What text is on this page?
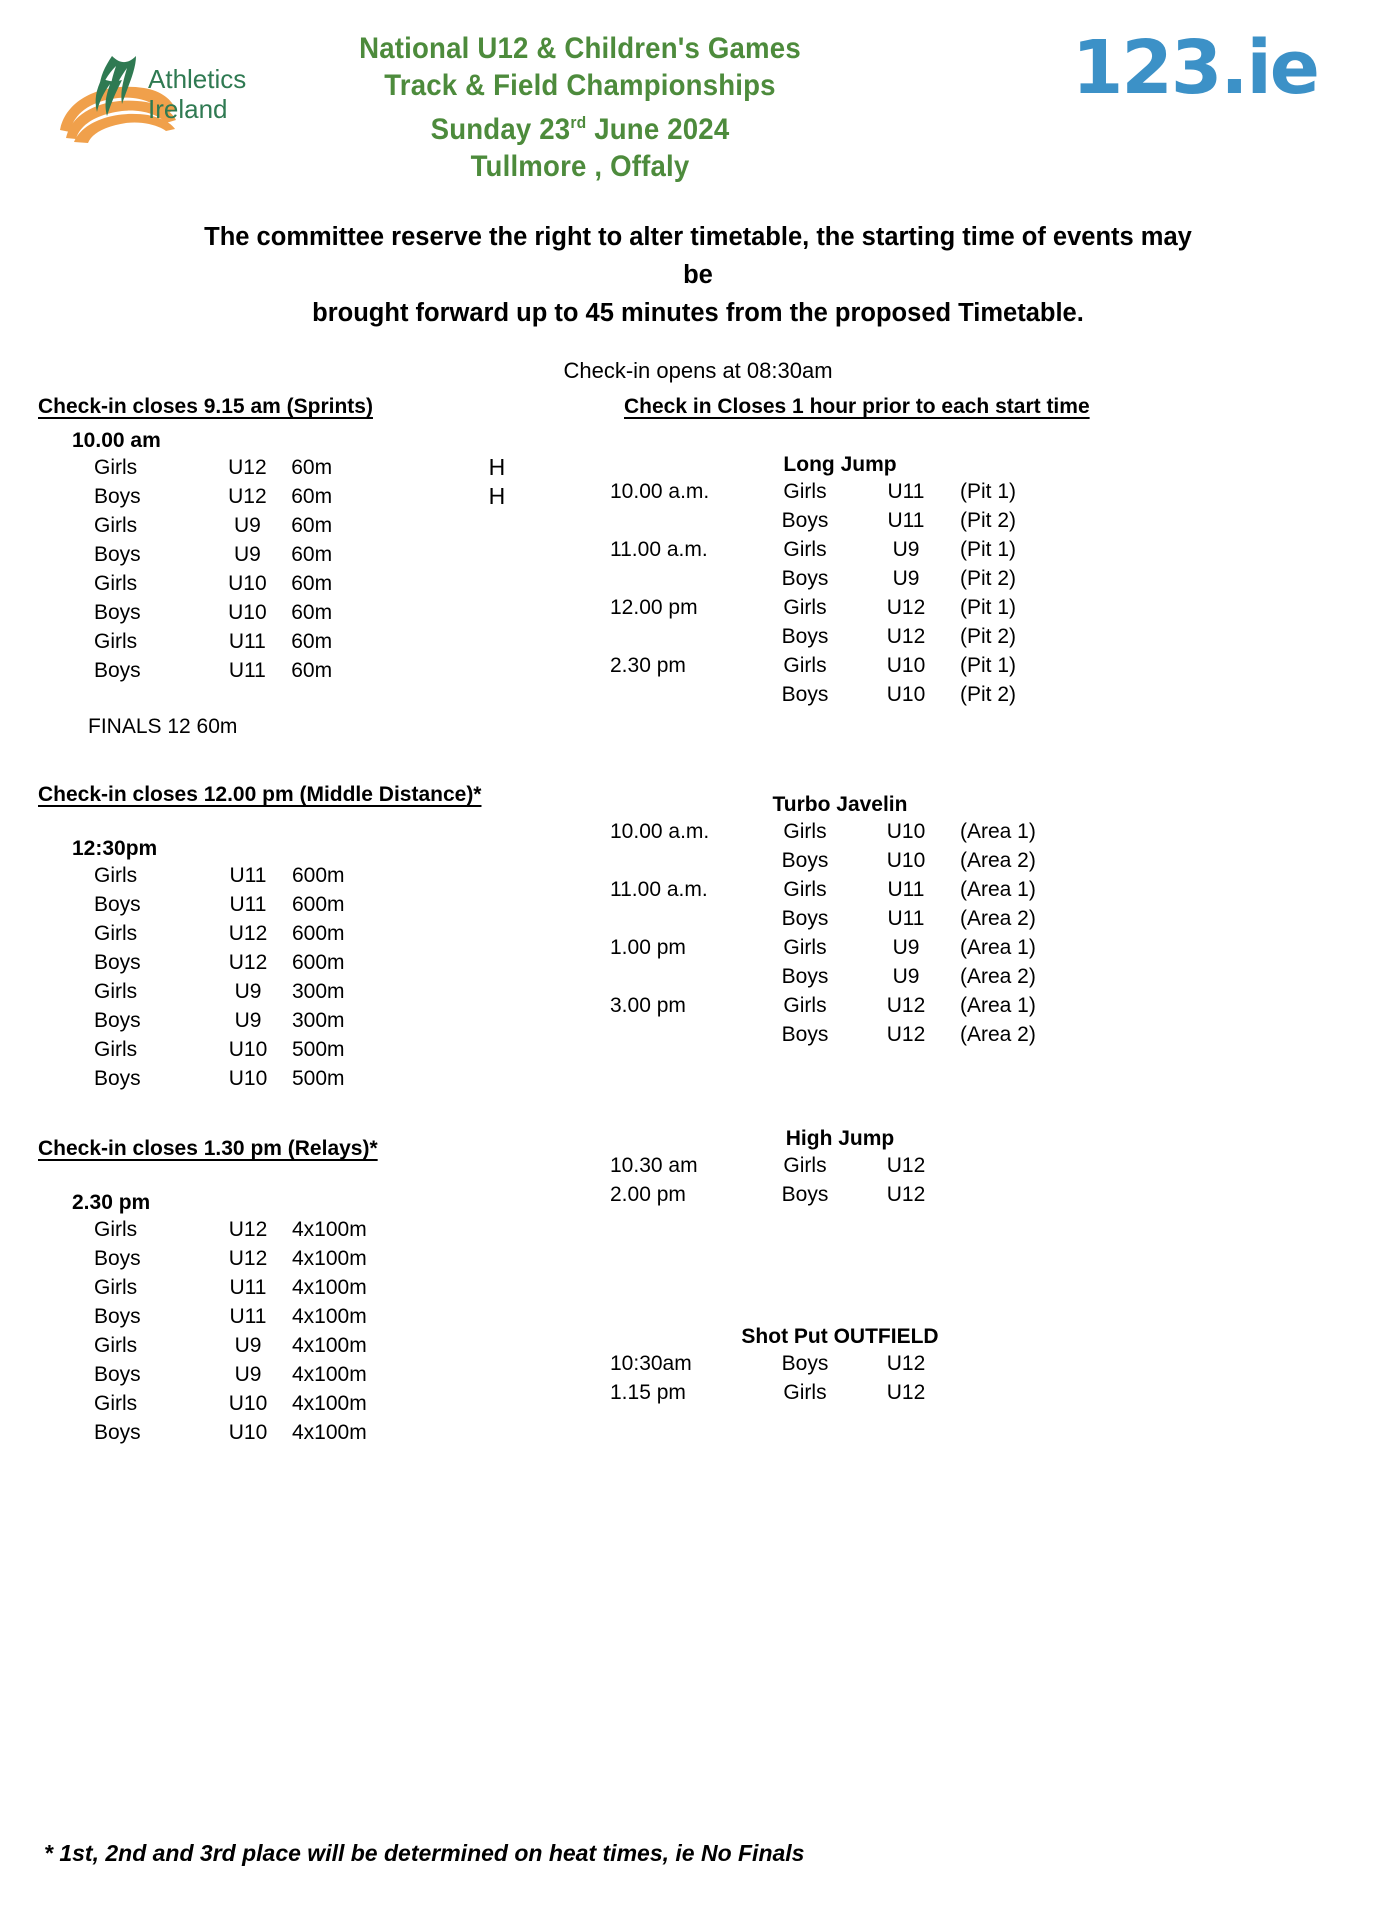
Athletics
Ireland
National U12 & Children's Games
Track & Field Championships
Sunday 23rd June 2024
Tullmore , Offaly
123.ie
The committee reserve the right to alter timetable, the starting time of events may be
brought forward up to 45 minutes from the proposed Timetable.
Check-in opens at 08:30am
Check-in closes 9.15 am (Sprints)
10.00 am
Girls	U12	60m	H
Boys	U12	60m	H
Girls	U9	60m	
Boys	U9	60m	
Girls	U10	60m	
Boys	U10	60m	
Girls	U11	60m	
Boys	U11	60m	
FINALS 12 60m
Check-in closes 12.00 pm (Middle Distance)*
12:30pm
Girls	U11	600m
Boys	U11	600m
Girls	U12	600m
Boys	U12	600m
Girls	U9	300m
Boys	U9	300m
Girls	U10	500m
Boys	U10	500m
Check-in closes 1.30 pm (Relays)*
2.30 pm
Girls	U12	4x100m
Boys	U12	4x100m
Girls	U11	4x100m
Boys	U11	4x100m
Girls	U9	4x100m
Boys	U9	4x100m
Girls	U10	4x100m
Boys	U10	4x100m
Check in Closes 1 hour prior to each start time
Long Jump
10.00 a.m.	Girls	U11	(Pit 1)
	Boys	U11	(Pit 2)
11.00 a.m.	Girls	U9	(Pit 1)
	Boys	U9	(Pit 2)
12.00 pm	Girls	U12	(Pit 1)
	Boys	U12	(Pit 2)
2.30 pm	Girls	U10	(Pit 1)
	Boys	U10	(Pit 2)
Turbo Javelin
10.00 a.m.	Girls	U10	(Area 1)
	Boys	U10	(Area 2)
11.00 a.m.	Girls	U11	(Area 1)
	Boys	U11	(Area 2)
1.00 pm	Girls	U9	(Area 1)
	Boys	U9	(Area 2)
3.00 pm	Girls	U12	(Area 1)
	Boys	U12	(Area 2)
High Jump
10.30 am	Girls	U12	
2.00 pm	Boys	U12	
Shot Put OUTFIELD
10:30am	Boys	U12	
1.15 pm	Girls	U12	
* 1st, 2nd and 3rd place will be determined on heat times, ie No Finals
